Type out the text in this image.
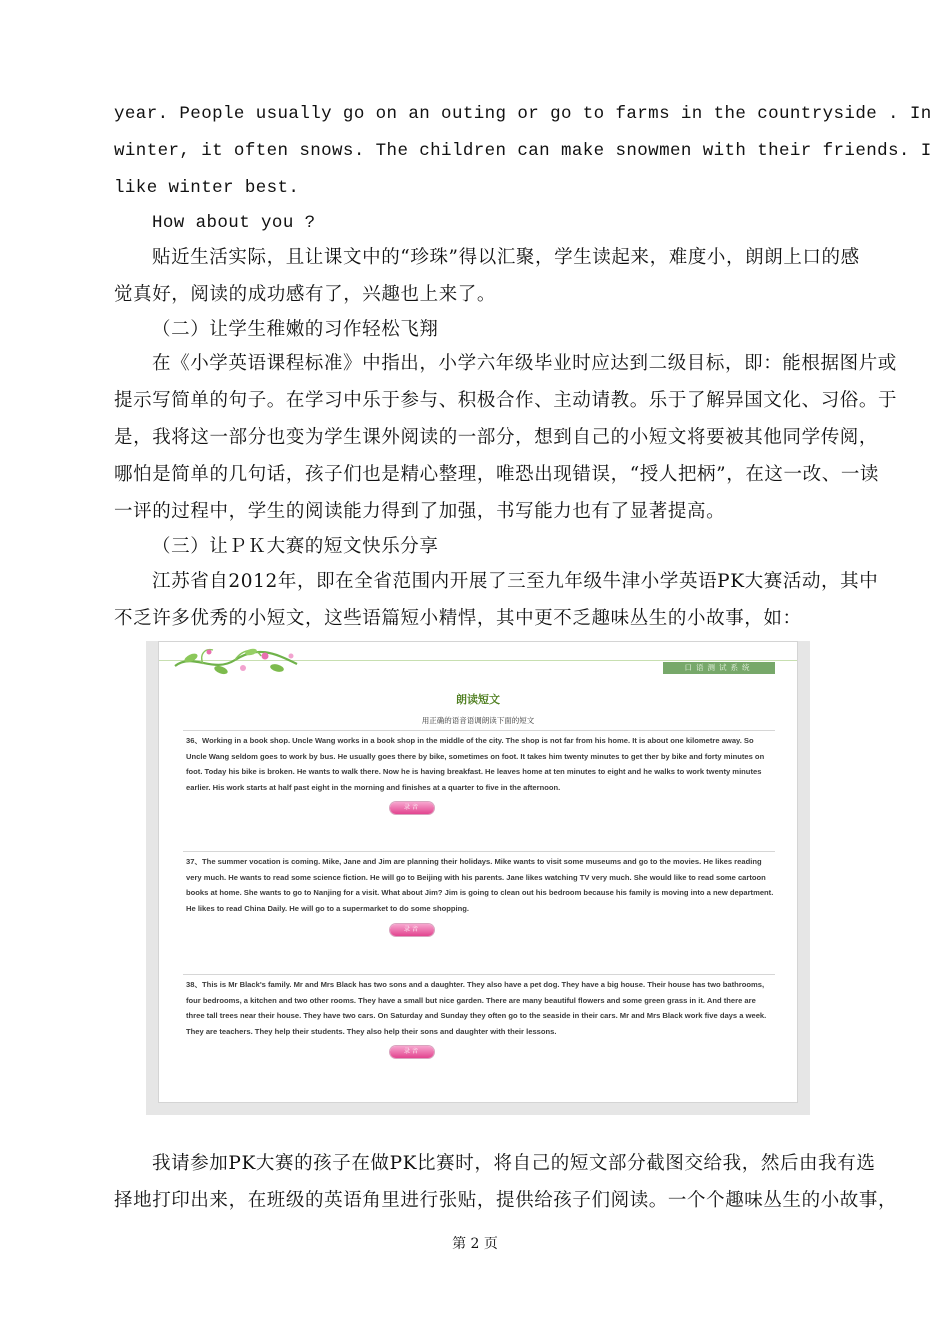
year. People usually go on an outing or go to farms in the countryside . In
winter, it often snows. The children can make snowmen with their friends. I
like winter best.
How about you ?
贴近生活实际，且让课文中的“珍珠”得以汇聚，学生读起来，难度小，朗朗上口的感
觉真好，阅读的成功感有了，兴趣也上来了。
（二）让学生稚嫩的习作轻松飞翔
在《小学英语课程标准》中指出，小学六年级毕业时应达到二级目标，即：能根据图片或
提示写简单的句子。在学习中乐于参与、积极合作、主动请教。乐于了解异国文化、习俗。于
是，我将这一部分也变为学生课外阅读的一部分，想到自己的小短文将要被其他同学传阅，
哪怕是简单的几句话，孩子们也是精心整理，唯恐出现错误，“授人把柄”，在这一改、一读
一评的过程中，学生的阅读能力得到了加强，书写能力也有了显著提高。
（三）让ＰＫ大赛的短文快乐分享
江苏省自2012年，即在全省范围内开展了三至九年级牛津小学英语PK大赛活动，其中
不乏许多优秀的小短文，这些语篇短小精悍，其中更不乏趣味丛生的小故事，如：
口语测试系统
朗读短文
用正确的语音语调朗读下面的短文
36、Working in a book shop. Uncle Wang works in a book shop in the middle of the city. The shop is not far from his home. It is about one kilometre away. So Uncle Wang seldom goes to work by bus. He usually goes there by bike, sometimes on foot. It takes him twenty minutes to get ther by bike and forty minutes on foot. Today his bike is broken. He wants to walk there. Now he is having breakfast. He leaves home at ten minutes to eight and he walks to work twenty minutes earlier. His work starts at half past eight in the morning and finishes at a quarter to five in the afternoon.
录音
37、The summer vocation is coming. Mike, Jane and Jim are planning their holidays. Mike wants to visit some museums and go to the movies. He likes reading very much. He wants to read some science fiction. He will go to Beijing with his parents. Jane likes watching TV very much. She would like to read some cartoon books at home. She wants to go to Nanjing for a visit. What about Jim? Jim is going to clean out his bedroom because his family is moving into a new department. He likes to read China Daily. He will go to a supermarket to do some shopping.
录音
38、This is Mr Black's family. Mr and Mrs Black has two sons and a daughter. They also have a pet dog. They have a big house. Their house has two bathrooms, four bedrooms, a kitchen and two other rooms. They have a small but nice garden. There are many beautiful flowers and some green grass in it. And there are three tall trees near their house. They have two cars. On Saturday and Sunday they often go to the seaside in their cars. Mr and Mrs Black work five days a week. They are teachers. They help their students. They also help their sons and daughter with their lessons.
录音
我请参加PK大赛的孩子在做PK比赛时，将自己的短文部分截图交给我，然后由我有选
择地打印出来，在班级的英语角里进行张贴，提供给孩子们阅读。一个个趣味丛生的小故事，
第 2 页
